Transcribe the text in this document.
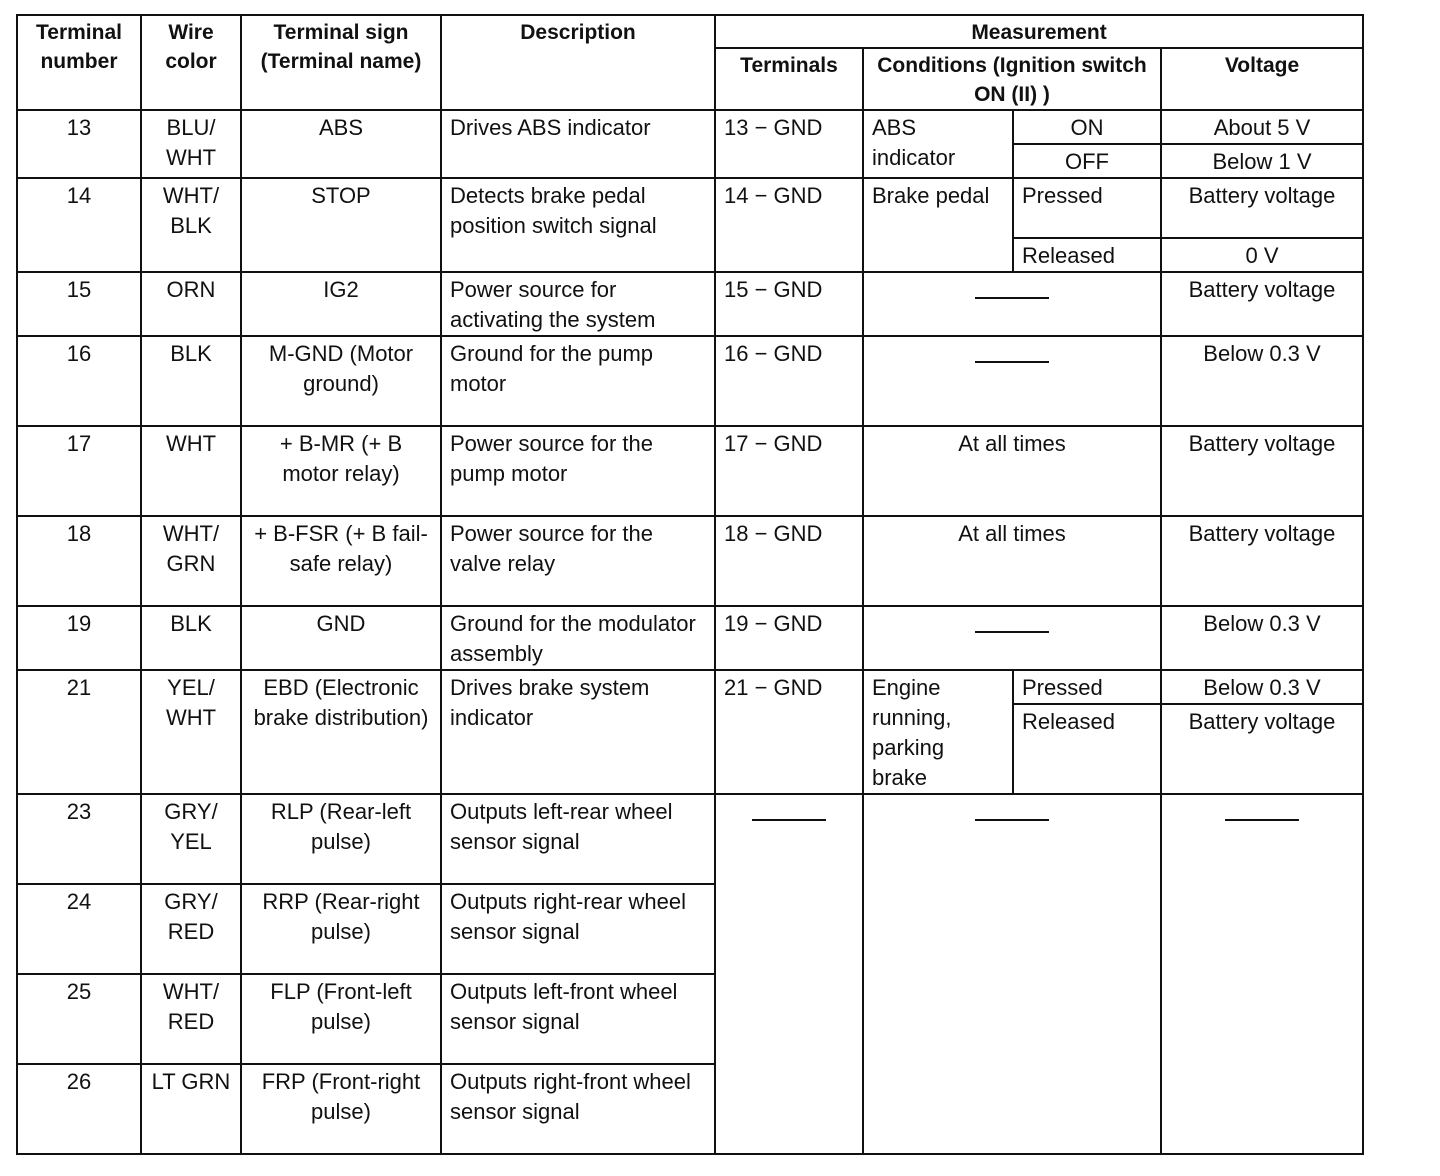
Terminal number	Wire color	Terminal sign (Terminal name)	Description	Measurement			
				Terminals	Conditions (Ignition switch ON (II) )		Voltage
13	BLU/ WHT	ABS	Drives ABS indicator	13 − GND	ABS indicator	ON	About 5 V
						OFF	Below 1 V
14	WHT/ BLK	STOP	Detects brake pedal position switch signal	14 − GND	Brake pedal	Pressed	Battery voltage
						Released	0 V
15	ORN	IG2	Power source for activating the system	15 − GND			Battery voltage
16	BLK	M-GND (Motor ground)	Ground for the pump motor	16 − GND			Below 0.3 V
17	WHT	+ B-MR (+ B motor relay)	Power source for the pump motor	17 − GND	At all times		Battery voltage
18	WHT/ GRN	+ B-FSR (+ B fail-safe relay)	Power source for the valve relay	18 − GND	At all times		Battery voltage
19	BLK	GND	Ground for the modulator assembly	19 − GND			Below 0.3 V
21	YEL/ WHT	EBD (Electronic brake distribution)	Drives brake system indicator	21 − GND	Engine running, parking brake	Pressed	Below 0.3 V
						Released	Battery voltage
23	GRY/ YEL	RLP (Rear-left pulse)	Outputs left-rear wheel sensor signal				
24	GRY/ RED	RRP (Rear-right pulse)	Outputs right-rear wheel sensor signal				
25	WHT/ RED	FLP (Front-left pulse)	Outputs left-front wheel sensor signal				
26	LT GRN	FRP (Front-right pulse)	Outputs right-front wheel sensor signal				
